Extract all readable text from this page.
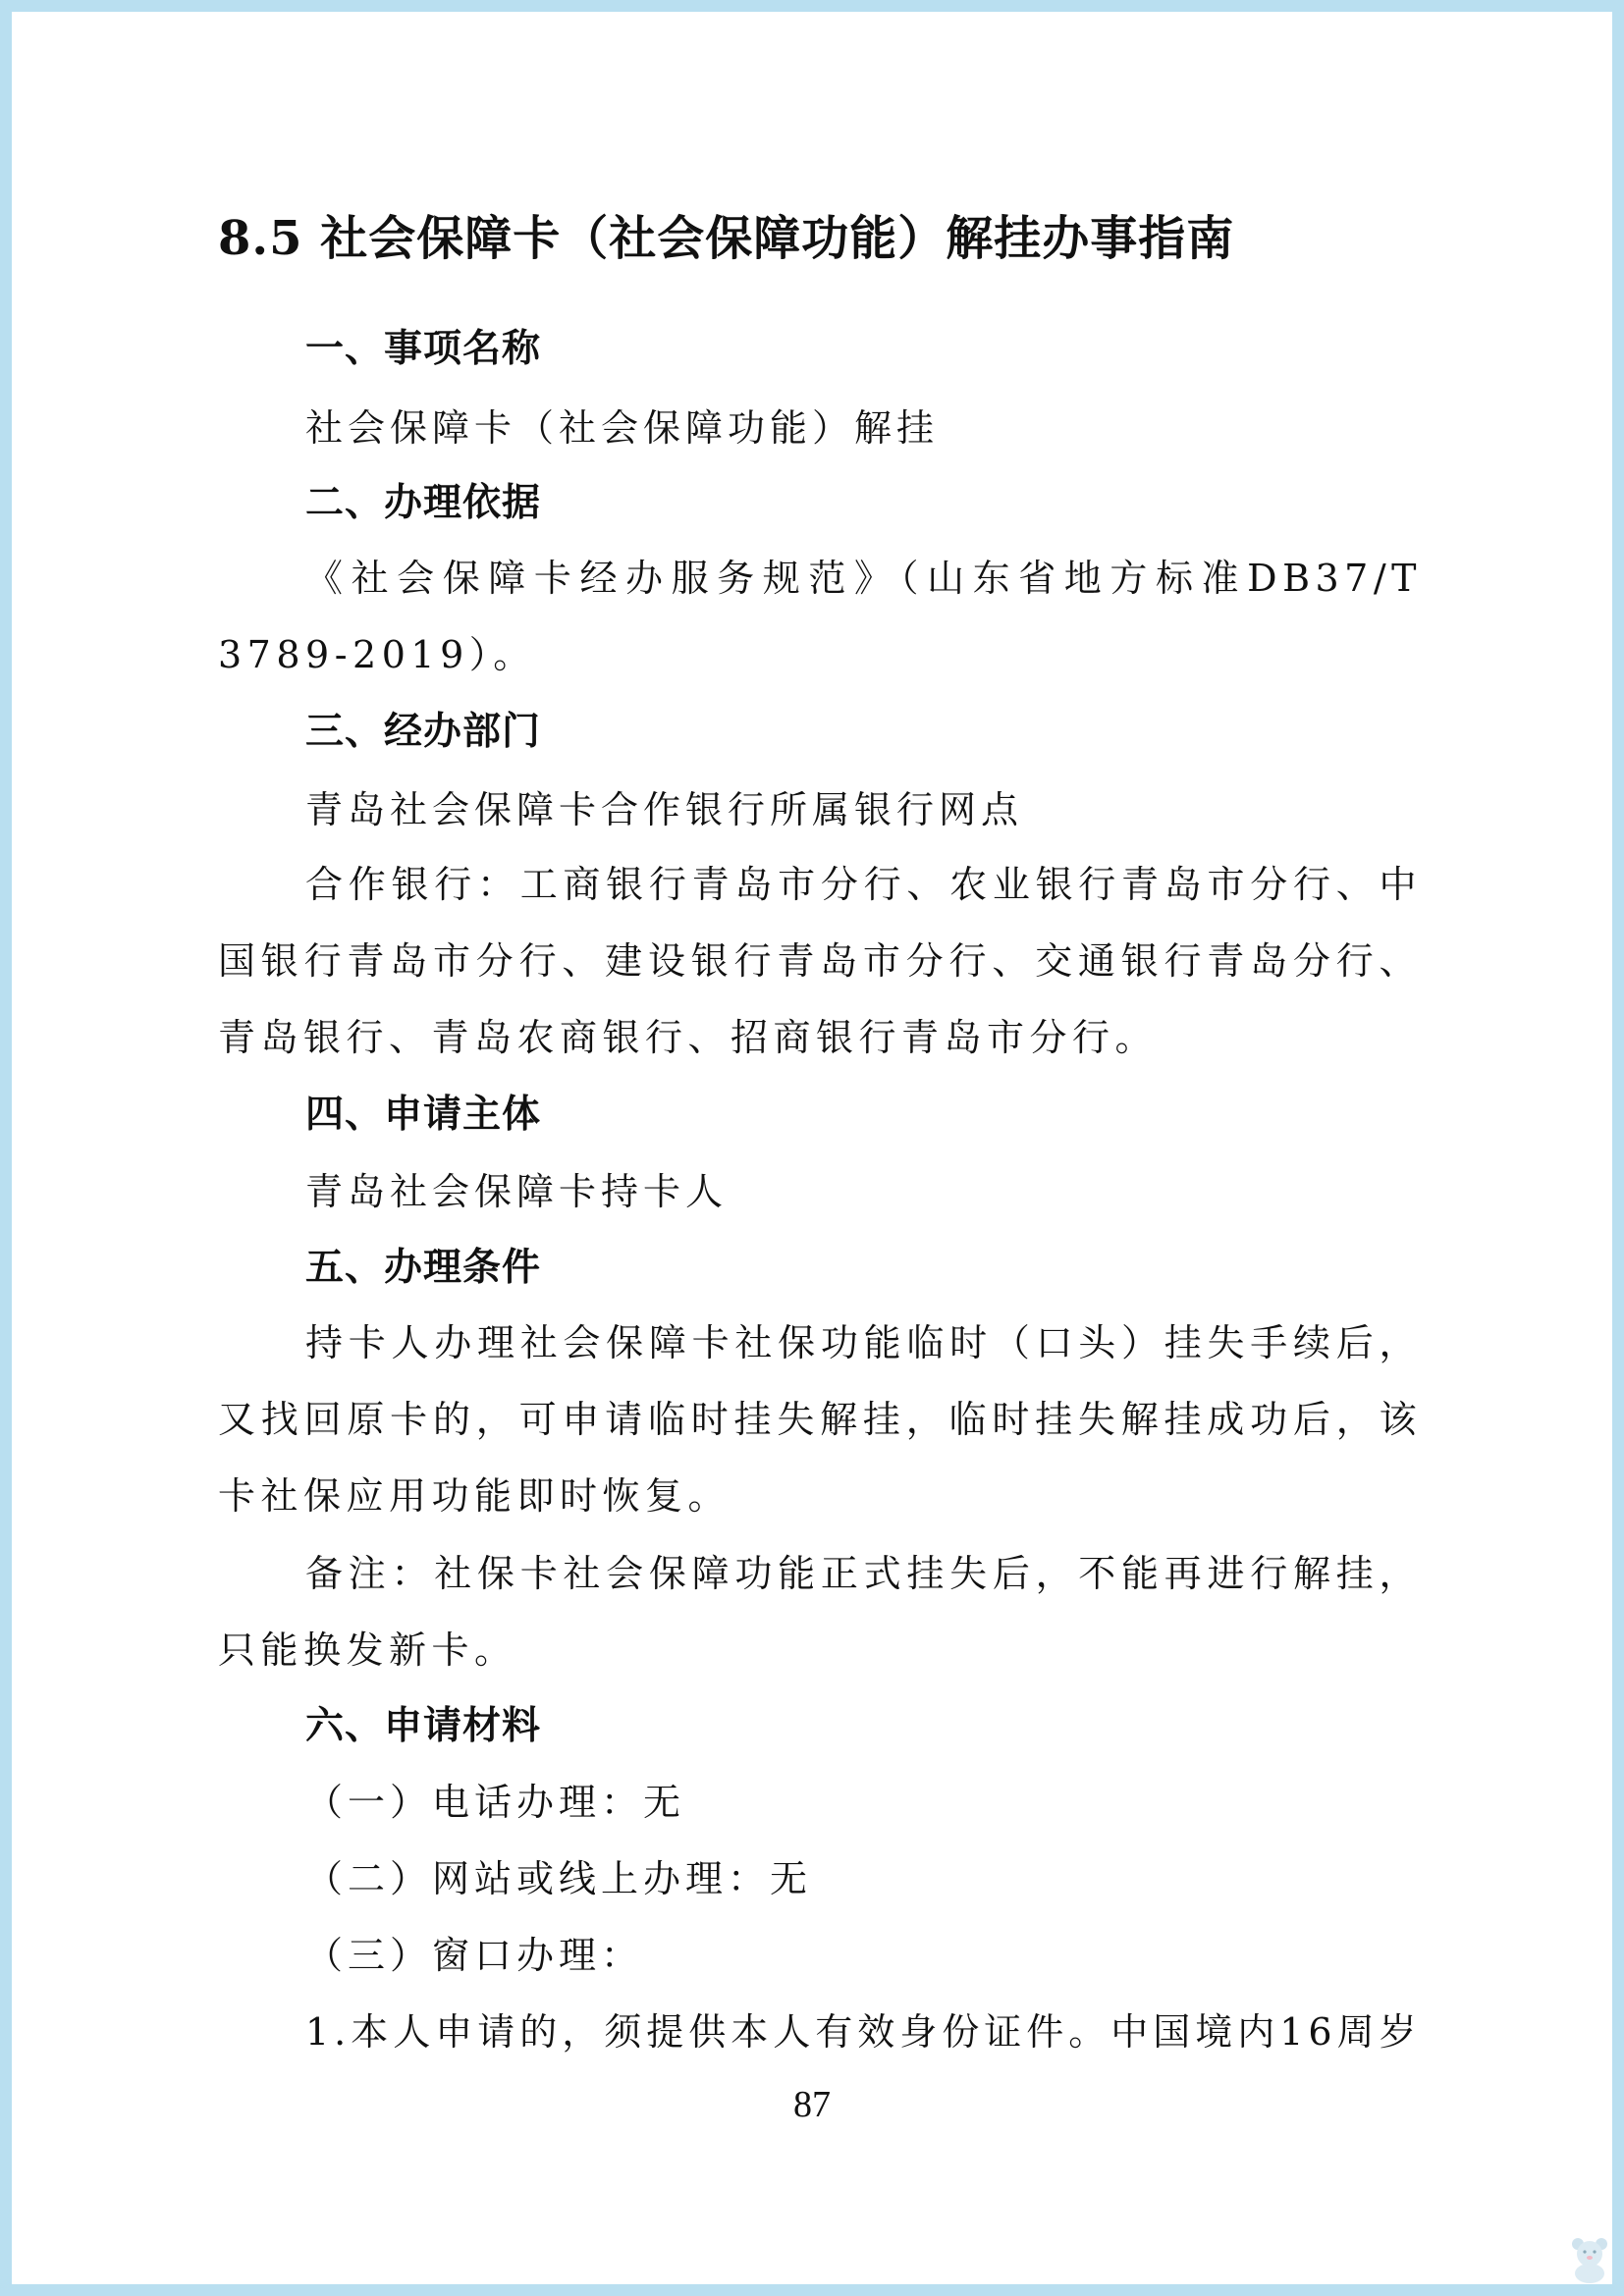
8.5 社会保障卡（社会保障功能）解挂办事指南
一、事项名称
社会保障卡（社会保障功能）解挂
二、办理依据
《社会保障卡经办服务规范》（山东省地方标准DB37/T 3789-2019）。
三、经办部门
青岛社会保障卡合作银行所属银行网点
合作银行：工商银行青岛市分行、农业银行青岛市分行、中国银行青岛市分行、建设银行青岛市分行、交通银行青岛分行、青岛银行、青岛农商银行、招商银行青岛市分行。
四、申请主体
青岛社会保障卡持卡人
五、办理条件
持卡人办理社会保障卡社保功能临时（口头）挂失手续后，又找回原卡的，可申请临时挂失解挂，临时挂失解挂成功后，该卡社保应用功能即时恢复。
备注：社保卡社会保障功能正式挂失后，不能再进行解挂，只能换发新卡。
六、申请材料
（一）电话办理：无
（二）网站或线上办理：无
（三）窗口办理：
1.本人申请的，须提供本人有效身份证件。中国境内16周岁
87
